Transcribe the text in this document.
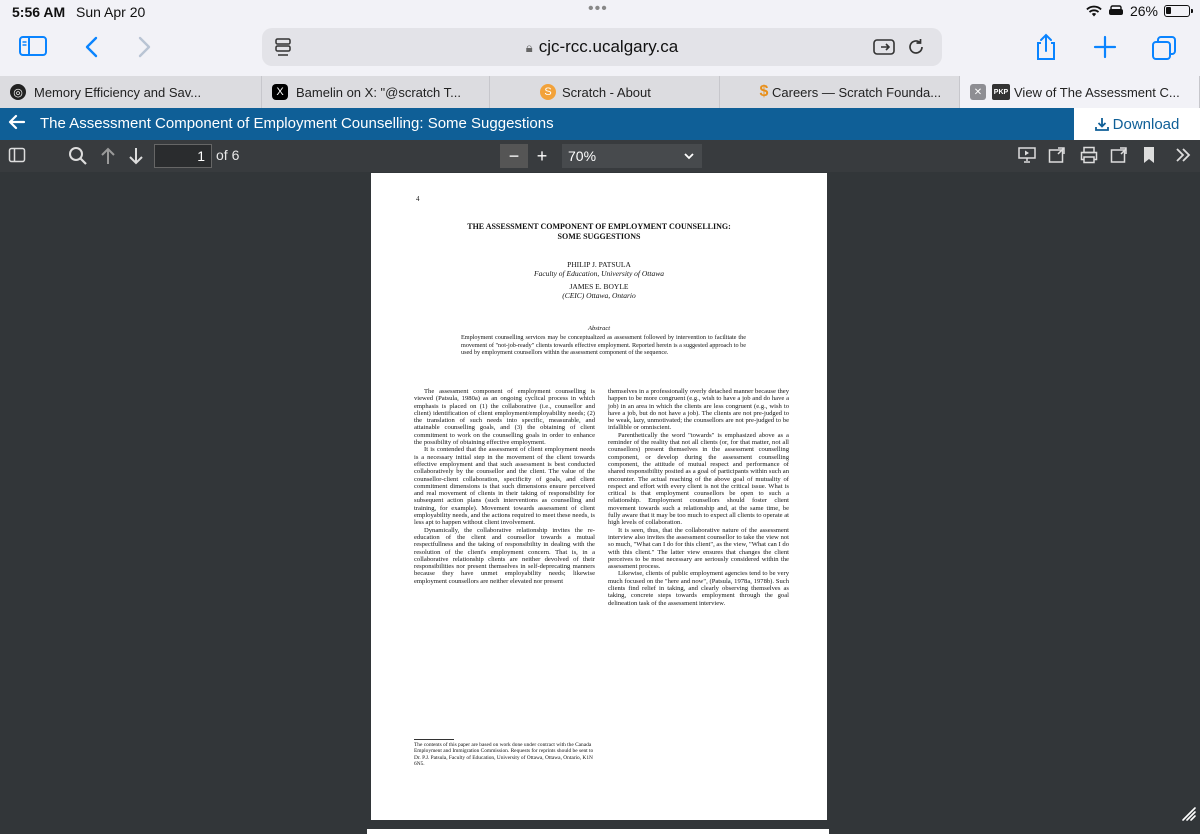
5:56 AM Sun Apr 20	•••	26%
🔒︎ cjc-rcc.ucalgary.ca
◎ Memory Efficiency and Sav...	X Bamelin on X: "@scratch T...	S Scratch - About	$ Careers — Scratch Founda...	✕	PKP View of The Assessment C...
The Assessment Component of Employment Counselling: Some Suggestions	Download
1 of 6	− +	70%
4
THE ASSESSMENT COMPONENT OF EMPLOYMENT COUNSELLING:
SOME SUGGESTIONS
PHILIP J. PATSULA
Faculty of Education, University of Ottawa
JAMES E. BOYLE
(CEIC) Ottawa, Ontario
Abstract
Employment counselling services may be conceptualized as assessment followed by intervention to facilitate the movement of "not-job-ready" clients towards effective employment. Reported herein is a suggested approach to be used by employment counsellors within the assessment component of the sequence.

The assessment component of employment counselling is viewed (Patsula, 1980a) as an ongoing cyclical process in which emphasis is placed on (1) the collaborative (i.e., counsellor and client) identification of client employment/employability needs; (2) the translation of such needs into specific, measurable, and attainable counselling goals, and (3) the obtaining of client commitment to work on the counselling goals in order to enhance the possibility of obtaining effective employment.

It is contended that the assessment of client employment needs is a necessary initial step in the movement of the client towards effective employment and that such assessment is best conducted collaboratively by the counsellor and the client. The value of the counsellor-client collaboration, specificity of goals, and client commitment dimensions is that such dimensions ensure perceived and real movement of clients in their taking of responsibility for subsequent action plans (such interventions as counselling and training, for example). Movement towards assessment of client employability needs, and the actions required to meet these needs, is less apt to happen without client involvement.

Dynamically, the collaborative relationship invites the re-education of the client and counsellor towards a mutual respectfullness and the taking of responsibility in dealing with the resolution of the client's employment concern. That is, in a collaborative relationship clients are neither devolved of their responsibilities nor present themselves in self-deprecating manners because they have unmet employability needs; likewise employment counsellors are neither elevated nor present

themselves in a professionally overly detached manner because they happen to be more congruent (e.g., wish to have a job and do have a job) in an area in which the clients are less congruent (e.g., wish to have a job, but do not have a job). The clients are not pre-judged to be weak, lazy, unmotivated; the counsellors are not pre-judged to be infallible or omniscient.

Parenthetically the word "towards" is emphasized above as a reminder of the reality that not all clients (or, for that matter, not all counsellors) present themselves in the assessment counselling component, or develop during the assessment counselling component, the attitude of mutual respect and performance of shared responsibility posited as a goal of participants within such an encounter. The actual reaching of the above goal of mutuality of respect and effort with every client is not the critical issue. What is critical is that employment counsellors be open to such a relationship. Employment counsellors should foster client movement towards such a relationship and, at the same time, be fully aware that it may be too much to expect all clients to operate at high levels of collaboration.

It is seen, thus, that the collaborative nature of the assessment interview also invites the assessment counsellor to take the view not so much, "What can I do for this client", as the view, "What can I do with this client." The latter view ensures that changes the client perceives to be most necessary are seriously considered within the assessment process.

Likewise, clients of public employment agencies tend to be very much focused on the "here and now", (Patsula, 1978a, 1978b). Such clients find relief in taking, and clearly observing themselves as taking, concrete steps towards employment through the goal delineation task of the assessment interview.

The contents of this paper are based on work done under contract with the Canada Employment and Immigration Commission. Requests for reprints should be sent to Dr. P.J. Patsula, Faculty of Education, University of Ottawa, Ottawa, Ontario, K1N 6N5.
